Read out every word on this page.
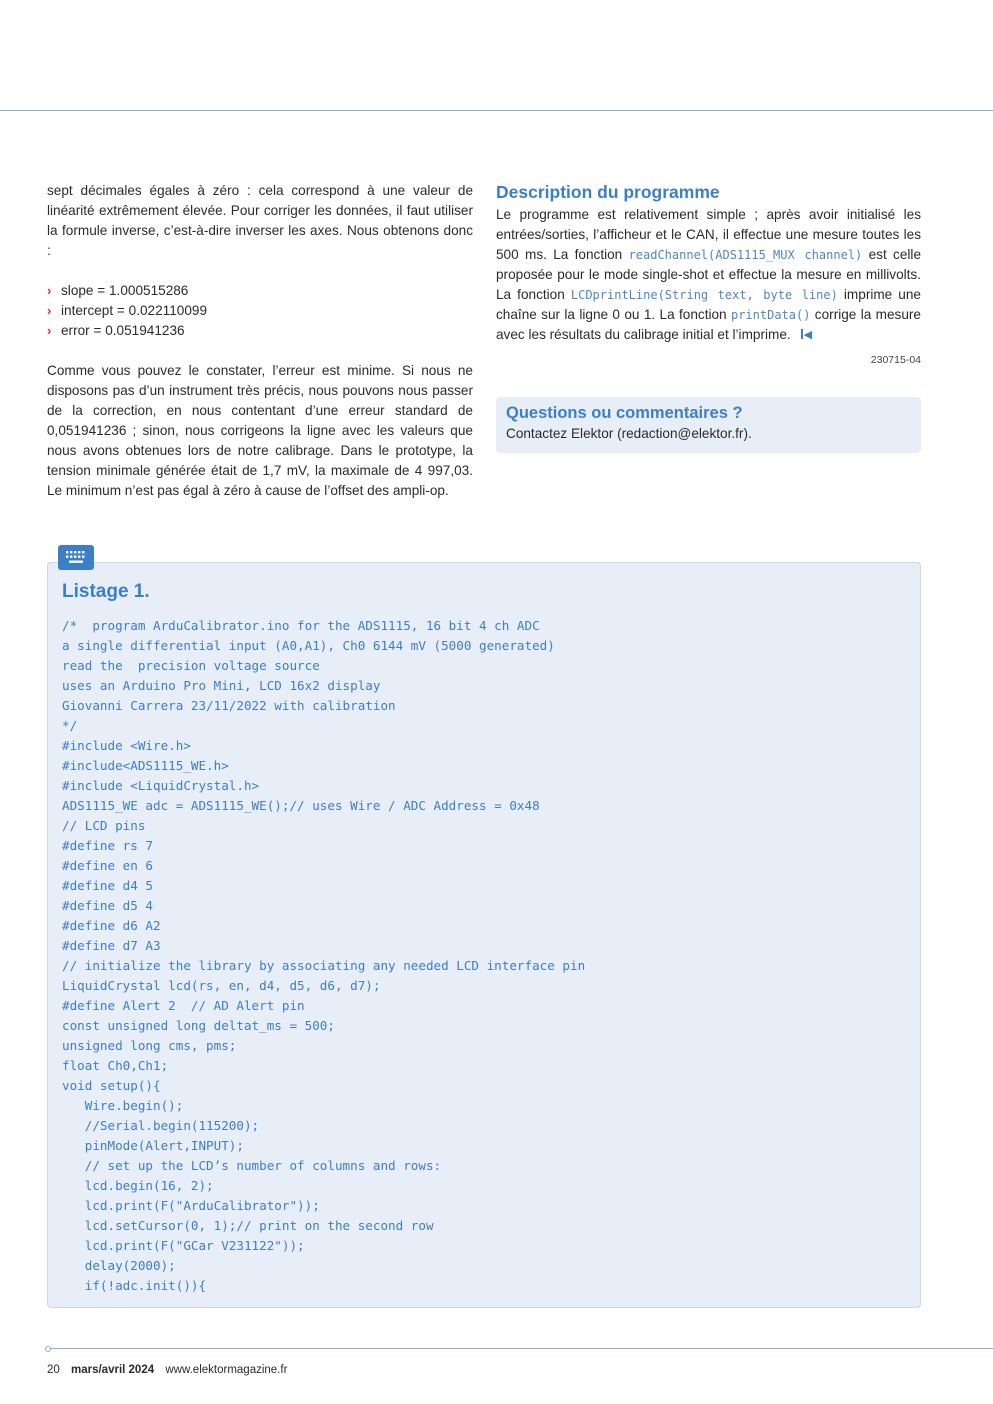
sept décimales égales à zéro : cela correspond à une valeur de linéarité extrêmement élevée. Pour corriger les données, il faut utiliser la formule inverse, c’est-à-dire inverser les axes. Nous obtenons donc :

› slope = 1.000515286
› intercept = 0.022110099
› error = 0.051941236

Comme vous pouvez le constater, l’erreur est minime. Si nous ne disposons pas d’un instrument très précis, nous pouvons nous passer de la correction, en nous contentant d’une erreur standard de 0,051941236 ; sinon, nous corrigeons la ligne avec les valeurs que nous avons obtenues lors de notre calibrage. Dans le prototype, la tension minimale générée était de 1,7 mV, la maximale de 4 997,03. Le minimum n’est pas égal à zéro à cause de l’offset des ampli-op.

Description du programme

Le programme est relativement simple ; après avoir initialisé les entrées/sorties, l’afficheur et le CAN, il effectue une mesure toutes les 500 ms. La fonction readChannel(ADS1115_MUX channel) est celle proposée pour le mode single-shot et effectue la mesure en millivolts. La fonction LCDprintLine(String text, byte line) imprime une chaîne sur la ligne 0 ou 1. La fonction printData() corrige la mesure avec les résultats du calibrage initial et l’imprime. ◀

230715-04
Questions ou commentaires ?

Contactez Elektor (redaction@elektor.fr).

Listage 1.
/*  program ArduCalibrator.ino for the ADS1115, 16 bit 4 ch ADC
a single differential input (A0,A1), Ch0 6144 mV (5000 generated)
read the  precision voltage source
uses an Arduino Pro Mini, LCD 16x2 display
Giovanni Carrera 23/11/2022 with calibration
*/
#include <Wire.h>
#include<ADS1115_WE.h>
#include <LiquidCrystal.h>
ADS1115_WE adc = ADS1115_WE();// uses Wire / ADC Address = 0x48
// LCD pins
#define rs 7
#define en 6
#define d4 5
#define d5 4
#define d6 A2
#define d7 A3
// initialize the library by associating any needed LCD interface pin
LiquidCrystal lcd(rs, en, d4, d5, d6, d7);
#define Alert 2  // AD Alert pin
const unsigned long deltat_ms = 500;
unsigned long cms, pms;
float Ch0,Ch1;
void setup(){
Wire.begin();
//Serial.begin(115200);
pinMode(Alert,INPUT);
// set up the LCD’s number of columns and rows:
lcd.begin(16, 2);
lcd.print(F("ArduCalibrator"));
lcd.setCursor(0, 1);// print on the second row
lcd.print(F("GCar V231122"));
delay(2000);
if(!adc.init()){
20 mars/avril 2024 www.elektormagazine.fr
